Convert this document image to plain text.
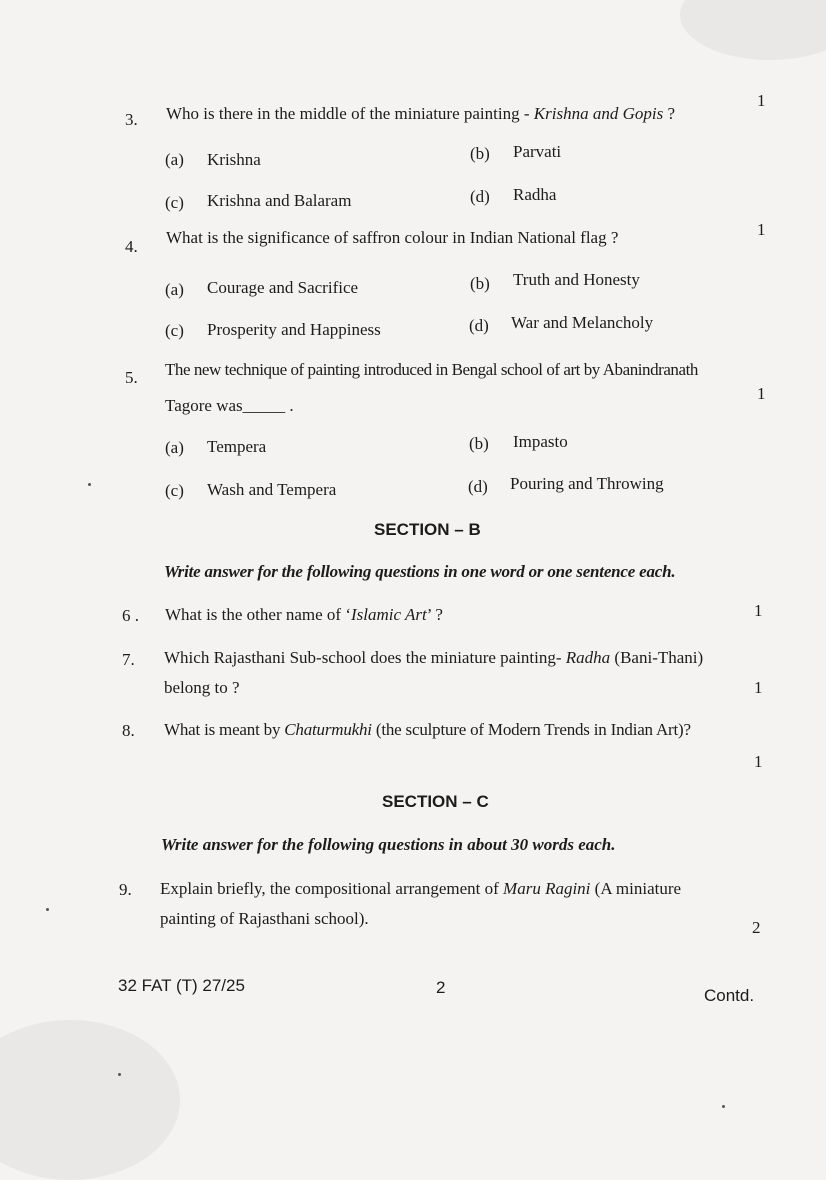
3. Who is there in the middle of the miniature painting - Krishna and Gopis ?
1
(a) Krishna	(b) Parvati
(c) Krishna and Balaram	(d) Radha
4. What is the significance of saffron colour in Indian National flag ?	1
(a) Courage and Sacrifice	(b) Truth and Honesty
(c) Prosperity and Happiness	(d) War and Melancholy
5. The new technique of painting introduced in Bengal school of art by Abanindranath
Tagore was_____ .
1
(a) Tempera	(b) Impasto
(c) Wash and Tempera	(d) Pouring and Throwing
SECTION – B
Write answer for the following questions in one word or one sentence each.
6 . What is the other name of ‘Islamic Art’ ?	1
7. Which Rajasthani Sub-school does the miniature painting- Radha (Bani-Thani)
belong to ?	1
8. What is meant by Chaturmukhi (the sculpture of Modern Trends in Indian Art)?
1
SECTION – C
Write answer for the following questions in about 30 words each.
9. Explain briefly, the compositional arrangement of Maru Ragini (A miniature
painting of Rajasthani school).	2
32 FAT (T) 27/25	2	Contd.
